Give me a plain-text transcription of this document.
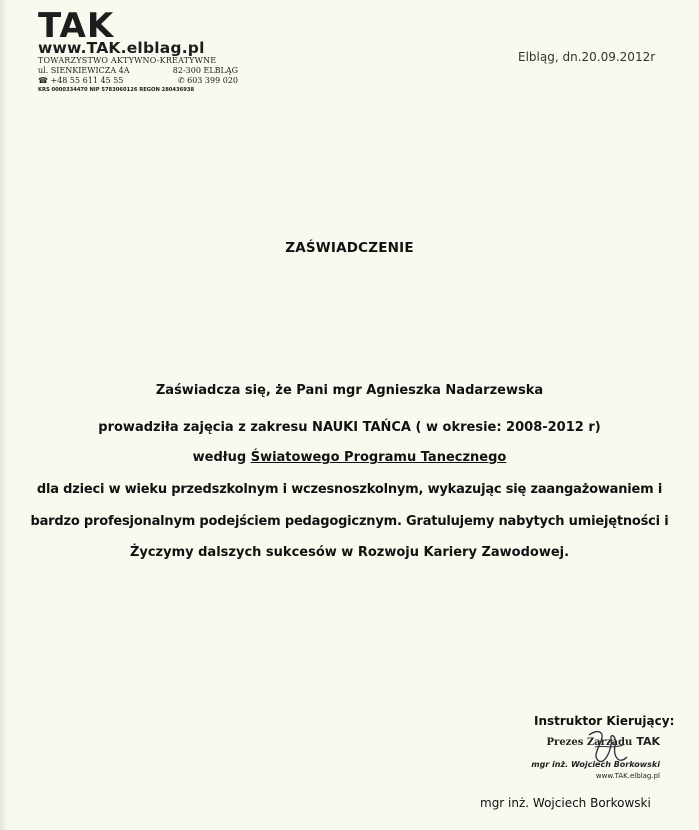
TAK
www.TAK.elblag.pl
TOWARZYSTWO AKTYWNO-KREATYWNE
ul. SIENKIEWICZA 4A	82-300 ELBLĄG
☎ +48 55 611 45 55	✆ 603 399 020
KRS 0000334470 NIP 5783060126 REGON 280436938
Elbląg, dn.20.09.2012r
ZAŚWIADCZENIE
Zaświadcza się, że Pani mgr Agnieszka Nadarzewska
prowadziła zajęcia z zakresu NAUKI TAŃCA ( w okresie: 2008-2012 r)
według Światowego Programu Tanecznego
dla dzieci w wieku przedszkolnym i wczesnoszkolnym, wykazując się zaangażowaniem i
bardzo profesjonalnym podejściem pedagogicznym. Gratulujemy nabytych umiejętności i
Życzymy dalszych sukcesów w Rozwoju Kariery Zawodowej.
Instruktor Kierujący:
Prezes Zarządu TAK
mgr inż. Wojciech Borkowski
www.TAK.elblag.pl
mgr inż. Wojciech Borkowski
